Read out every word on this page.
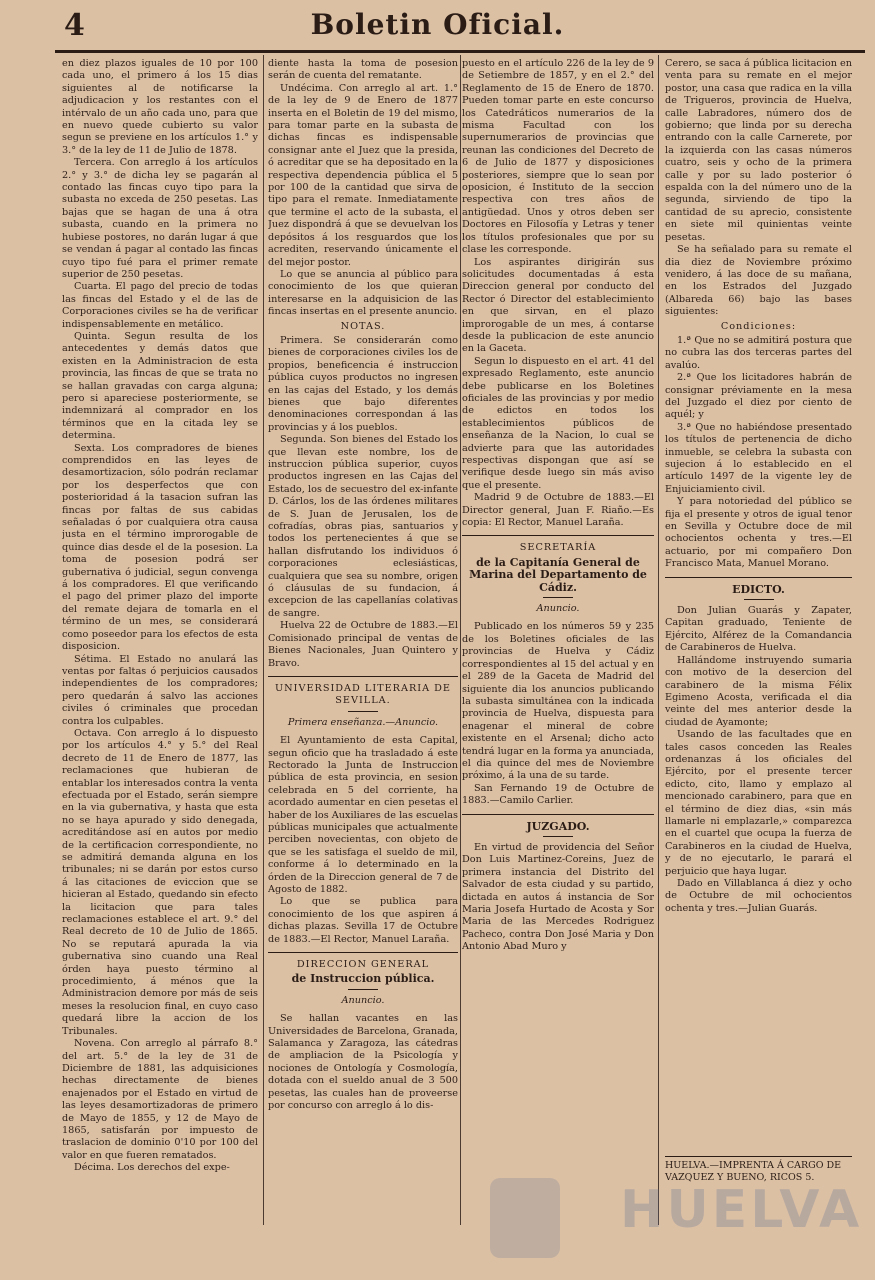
4	Boletin Oficial.

en diez plazos iguales de 10 por 100 cada uno, el primero á los 15 dias siguientes al de notificarse la adjudicacion y los restantes con el intérvalo de un año cada uno, para que en nuevo quede cubierto su valor segun se previene en los artículos 1.° y 3.° de la ley de 11 de Julio de 1878.

Tercera. Con arreglo á los artículos 2.° y 3.° de dicha ley se pagarán al contado las fincas cuyo tipo para la subasta no exceda de 250 pesetas. Las bajas que se hagan de una á otra subasta, cuando en la primera no hubiese postores, no darán lugar á que se vendan á pagar al contado las fincas cuyo tipo fué para el primer remate superior de 250 pesetas.

Cuarta. El pago del precio de todas las fincas del Estado y el de las de Corporaciones civiles se ha de verificar indispensablemente en metálico.

Quinta. Segun resulta de los antecedentes y demás datos que existen en la Administracion de esta provincia, las fincas de que se trata no se hallan gravadas con carga alguna; pero si apareciese posteriormente, se indemnizará al comprador en los términos que en la citada ley se determina.

Sexta. Los compradores de bienes comprendidos en las leyes de desamortizacion, sólo podrán reclamar por los desperfectos que con posterioridad á la tasacion sufran las fincas por faltas de sus cabidas señaladas ó por cualquiera otra causa justa en el término improrogable de quince dias desde el de la posesion. La toma de posesion podrá ser gubernativa ó judicial, segun convenga á los compradores. El que verificando el pago del primer plazo del importe del remate dejara de tomarla en el término de un mes, se considerará como poseedor para los efectos de esta disposicion.

Sétima. El Estado no anulará las ventas por faltas ó perjuicios causados independientes de los compradores; pero quedarán á salvo las acciones civiles ó criminales que procedan contra los culpables.

Octava. Con arreglo á lo dispuesto por los artículos 4.° y 5.° del Real decreto de 11 de Enero de 1877, las reclamaciones que hubieran de entablar los interesados contra la venta efectuada por el Estado, serán siempre en la via gubernativa, y hasta que esta no se haya apurado y sido denegada, acreditándose así en autos por medio de la certificacion correspondiente, no se admitirá demanda alguna en los tribunales; ni se darán por estos curso á las citaciones de eviccion que se hicieran al Estado, quedando sin efecto la licitacion que para tales reclamaciones establece el art. 9.° del Real decreto de 10 de Julio de 1865. No se reputará apurada la via gubernativa sino cuando una Real órden haya puesto término al procedimiento, á ménos que la Administracion demore por más de seis meses la resolucion final, en cuyo caso quedará libre la accion de los Tribunales.

Novena. Con arreglo al párrafo 8.° del art. 5.° de la ley de 31 de Diciembre de 1881, las adquisiciones hechas directamente de bienes enajenados por el Estado en virtud de las leyes desamortizadoras de primero de Mayo de 1855, y 12 de Mayo de 1865, satisfarán por impuesto de traslacion de dominio 0'10 por 100 del valor en que fueren rematados.

Décima. Los derechos del expe-

diente hasta la toma de posesion serán de cuenta del rematante.

Undécima. Con arreglo al art. 1.° de la ley de 9 de Enero de 1877 inserta en el Boletin de 19 del mismo, para tomar parte en la subasta de dichas fincas es indispensable consignar ante el Juez que la presida, ó acreditar que se ha depositado en la respectiva dependencia pública el 5 por 100 de la cantidad que sirva de tipo para el remate. Inmediatamente que termine el acto de la subasta, el Juez dispondrá á que se devuelvan los depósitos á los resguardos que los acrediten, reservando únicamente el del mejor postor.

Lo que se anuncia al público para conocimiento de los que quieran interesarse en la adquisicion de las fincas insertas en el presente anuncio.

NOTAS.

Primera. Se considerarán como bienes de corporaciones civiles los de propios, beneficencia é instruccion pública cuyos productos no ingresen en las cajas del Estado, y los demás bienes que bajo diferentes denominaciones correspondan á las provincias y á los pueblos.

Segunda. Son bienes del Estado los que llevan este nombre, los de instruccion pública superior, cuyos productos ingresen en las Cajas del Estado, los de secuestro del ex-infante D. Cárlos, los de las órdenes militares de S. Juan de Jerusalen, los de cofradías, obras pias, santuarios y todos los pertenecientes á que se hallan disfrutando los individuos ó corporaciones eclesiásticas, cualquiera que sea su nombre, origen ó cláusulas de su fundacion, á excepcion de las capellanías colativas de sangre.

Huelva 22 de Octubre de 1883.—El Comisionado principal de ventas de Bienes Nacionales, Juan Quintero y Bravo.

UNIVERSIDAD LITERARIA DE SEVILLA.
Primera enseñanza.—Anuncio.

El Ayuntamiento de esta Capital, segun oficio que ha trasladado á este Rectorado la Junta de Instruccion pública de esta provincia, en sesion celebrada en 5 del corriente, ha acordado aumentar en cien pesetas el haber de los Auxiliares de las escuelas públicas municipales que actualmente perciben novecientas, con objeto de que se les satisfaga el sueldo de mil, conforme á lo determinado en la órden de la Direccion general de 7 de Agosto de 1882.

Lo que se publica para conocimiento de los que aspiren á dichas plazas. Sevilla 17 de Octubre de 1883.—El Rector, Manuel Laraña.

DIRECCION GENERAL
de Instruccion pública.
Anuncio.

Se hallan vacantes en las Universidades de Barcelona, Granada, Salamanca y Zaragoza, las cátedras de ampliacion de la Psicología y nociones de Ontología y Cosmología, dotada con el sueldo anual de 3 500 pesetas, las cuales han de proveerse por concurso con arreglo á lo dis-

puesto en el artículo 226 de la ley de 9 de Setiembre de 1857, y en el 2.° del Reglamento de 15 de Enero de 1870. Pueden tomar parte en este concurso los Catedráticos numerarios de la misma Facultad con los supernumerarios de provincias que reunan las condiciones del Decreto de 6 de Julio de 1877 y disposiciones posteriores, siempre que lo sean por oposicion, é Instituto de la seccion respectiva con tres años de antigüedad. Unos y otros deben ser Doctores en Filosofía y Letras y tener los títulos profesionales que por su clase les corresponde.

Los aspirantes dirigirán sus solicitudes documentadas á esta Direccion general por conducto del Rector ó Director del establecimiento en que sirvan, en el plazo improrogable de un mes, á contarse desde la publicacion de este anuncio en la Gaceta.

Segun lo dispuesto en el art. 41 del expresado Reglamento, este anuncio debe publicarse en los Boletines oficiales de las provincias y por medio de edictos en todos los establecimientos públicos de enseñanza de la Nacion, lo cual se advierte para que las autoridades respectivas dispongan que así se verifique desde luego sin más aviso que el presente.

Madrid 9 de Octubre de 1883.—El Director general, Juan F. Riaño.—Es copia: El Rector, Manuel Laraña.

SECRETARÍA
de la Capitanía General de Marina del Departamento de Cádiz.
Anuncio.

Publicado en los números 59 y 235 de los Boletines oficiales de las provincias de Huelva y Cádiz correspondientes al 15 del actual y en el 289 de la Gaceta de Madrid del siguiente dia los anuncios publicando la subasta simultánea con la indicada provincia de Huelva, dispuesta para enagenar el mineral de cobre existente en el Arsenal; dicho acto tendrá lugar en la forma ya anunciada, el dia quince del mes de Noviembre próximo, á la una de su tarde.

San Fernando 19 de Octubre de 1883.—Camilo Carlier.

JUZGADO.

En virtud de providencia del Señor Don Luis Martinez-Coreins, Juez de primera instancia del Distrito del Salvador de esta ciudad y su partido, dictada en autos á instancia de Sor Maria Josefa Hurtado de Acosta y Sor Maria de las Mercedes Rodriguez Pacheco, contra Don José Maria y Don Antonio Abad Muro y

Cerero, se saca á pública licitacion en venta para su remate en el mejor postor, una casa que radica en la villa de Trigueros, provincia de Huelva, calle Labradores, número dos de gobierno; que linda por su derecha entrando con la calle Carnerete, por la izquierda con las casas números cuatro, seis y ocho de la primera calle y por su lado posterior ó espalda con la del número uno de la segunda, sirviendo de tipo la cantidad de su aprecio, consistente en siete mil quinientas veinte pesetas.

Se ha señalado para su remate el dia diez de Noviembre próximo venidero, á las doce de su mañana, en los Estrados del Juzgado (Albareda 66) bajo las bases siguientes:

Condiciones:

1.ª Que no se admitirá postura que no cubra las dos terceras partes del avalúo.

2.ª Que los licitadores habrán de consignar préviamente en la mesa del Juzgado el diez por ciento de aquél; y

3.ª Que no habiéndose presentado los títulos de pertenencia de dicho inmueble, se celebra la subasta con sujecion á lo establecido en el artículo 1497 de la vigente ley de Enjuiciamiento civil.

Y para notoriedad del público se fija el presente y otros de igual tenor en Sevilla y Octubre doce de mil ochocientos ochenta y tres.—El actuario, por mi compañero Don Francisco Mata, Manuel Morano.

EDICTO.

Don Julian Guarás y Zapater, Capitan graduado, Teniente de Ejército, Alférez de la Comandancia de Carabineros de Huelva.

Hallándome instruyendo sumaria con motivo de la desercion del carabinero de la misma Félix Egimeno Acosta, verificada el dia veinte del mes anterior desde la ciudad de Ayamonte;

Usando de las facultades que en tales casos conceden las Reales ordenanzas á los oficiales del Ejército, por el presente tercer edicto, cito, llamo y emplazo al mencionado carabinero, para que en el término de diez dias, «sin más llamarle ni emplazarle,» comparezca en el cuartel que ocupa la fuerza de Carabineros en la ciudad de Huelva, y de no ejecutarlo, le parará el perjuicio que haya lugar.

Dado en Villablanca á diez y ocho de Octubre de mil ochocientos ochenta y tres.—Julian Guarás.

HUELVA.—IMPRENTA Á CARGO DE VAZQUEZ Y BUENO, RICOS 5.
HUELVA
